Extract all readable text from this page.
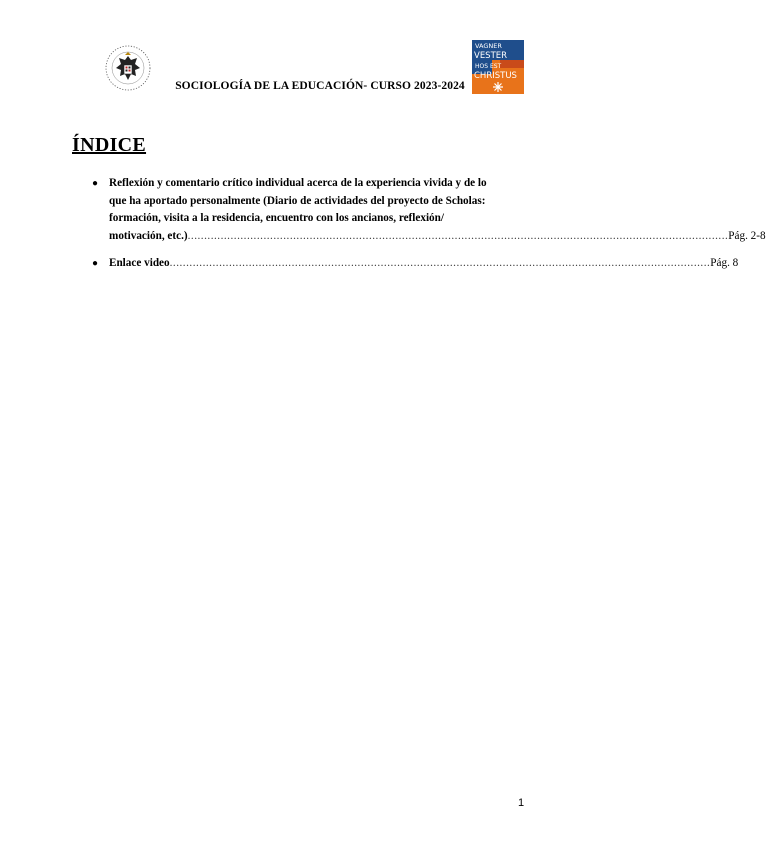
SOCIOLOGÍA DE LA EDUCACIÓN- CURSO 2023-2024
VAGNER
VESTER
HOS EST
CHRISTUS
ÍNDICE
● Reflexión y comentario crítico individual acerca de la experiencia vivida y de lo
que ha aportado personalmente (Diario de actividades del proyecto de Scholas:
formación, visita a la residencia, encuentro con los ancianos, reflexión/
motivación, etc.) .................................................................................................................................................................... Pág. 2-8
● Enlace video .................................................................................................................................................................... Pág. 8
1
